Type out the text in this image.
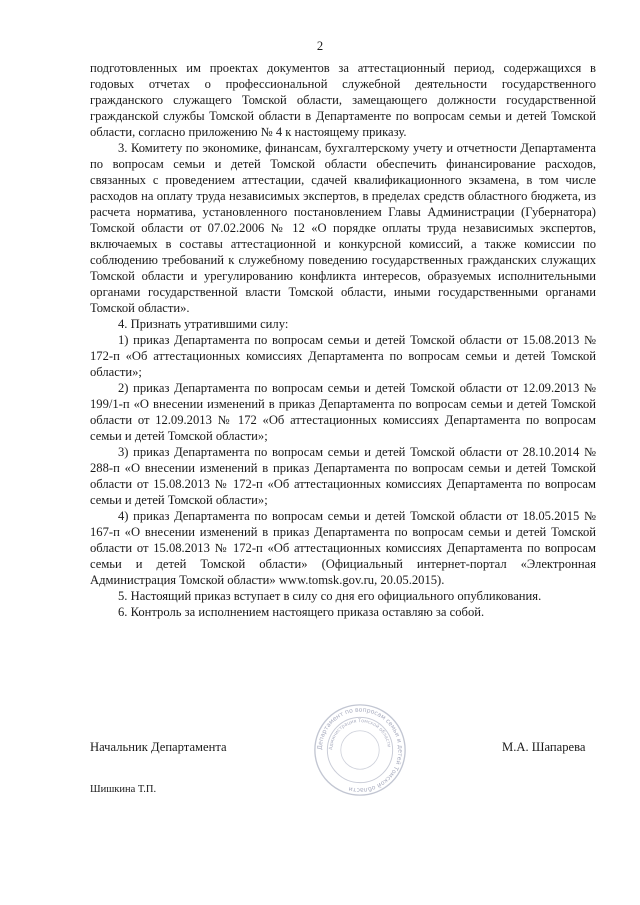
2

подготовленных им проектах документов за аттестационный период, содержащихся в годовых отчетах о профессиональной служебной деятельности государственного гражданского служащего Томской области, замещающего должности государственной гражданской службы Томской области в Департаменте по вопросам семьи и детей Томской области, согласно приложению № 4 к настоящему приказу.

3. Комитету по экономике, финансам, бухгалтерскому учету и отчетности Департамента по вопросам семьи и детей Томской области обеспечить финансирование расходов, связанных с проведением аттестации, сдачей квалификационного экзамена, в том числе расходов на оплату труда независимых экспертов, в пределах средств областного бюджета, из расчета норматива, установленного постановлением Главы Администрации (Губернатора) Томской области от 07.02.2006 № 12 «О порядке оплаты труда независимых экспертов, включаемых в составы аттестационной и конкурсной комиссий, а также комиссии по соблюдению требований к служебному поведению государственных гражданских служащих Томской области и урегулированию конфликта интересов, образуемых исполнительными органами государственной власти Томской области, иными государственными органами Томской области».

4. Признать утратившими силу:

1) приказ Департамента по вопросам семьи и детей Томской области от 15.08.2013 № 172-п «Об аттестационных комиссиях Департамента по вопросам семьи и детей Томской области»;

2) приказ Департамента по вопросам семьи и детей Томской области от 12.09.2013 № 199/1-п «О внесении изменений в приказ Департамента по вопросам семьи и детей Томской области от 12.09.2013 № 172 «Об аттестационных комиссиях Департамента по вопросам семьи и детей Томской области»;

3) приказ Департамента по вопросам семьи и детей Томской области от 28.10.2014 № 288-п «О внесении изменений в приказ Департамента по вопросам семьи и детей Томской области от 15.08.2013 № 172-п «Об аттестационных комиссиях Департамента по вопросам семьи и детей Томской области»;

4) приказ Департамента по вопросам семьи и детей Томской области от 18.05.2015 № 167-п «О внесении изменений в приказ Департамента по вопросам семьи и детей Томской области от 15.08.2013 № 172-п «Об аттестационных комиссиях Департамента по вопросам семьи и детей Томской области» (Официальный интернет-портал «Электронная Администрация Томской области» www.tomsk.gov.ru, 20.05.2015).

5. Настоящий приказ вступает в силу со дня его официального опубликования.

6. Контроль за исполнением настоящего приказа оставляю за собой.

Департамент по вопросам семьи и детей Томской области
Администрация Томской области
Начальник Департамента	М.А. Шапарева
Шишкина Т.П.
